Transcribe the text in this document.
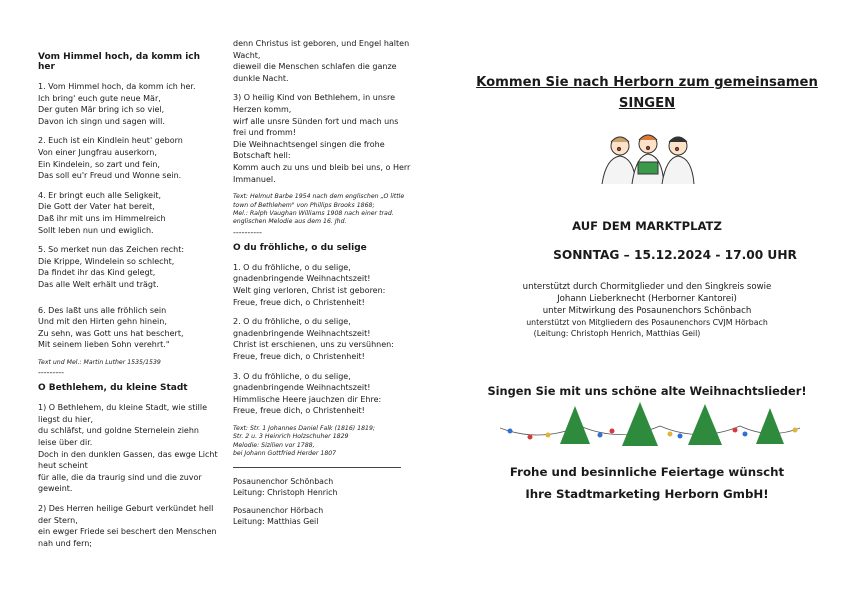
Vom Himmel hoch, da komm ich her
1. Vom Himmel hoch, da komm ich her.
Ich bring' euch gute neue Mär,
Der guten Mär bring ich so viel,
Davon ich singn und sagen will.
2. Euch ist ein Kindlein heut' geborn
Von einer Jungfrau auserkorn,
Ein Kindelein, so zart und fein,
Das soll eu'r Freud und Wonne sein.
4. Er bringt euch alle Seligkeit,
Die Gott der Vater hat bereit,
Daß ihr mit uns im Himmelreich
Sollt leben nun und ewiglich.
5. So merket nun das Zeichen recht:
Die Krippe, Windelein so schlecht,
Da findet ihr das Kind gelegt,
Das alle Welt erhält und trägt.
6. Des laßt uns alle fröhlich sein
Und mit den Hirten gehn hinein,
Zu sehn, was Gott uns hat beschert,
Mit seinem lieben Sohn verehrt."
Text und Mel.: Martin Luther 1535/1539
---------
O Bethlehem, du kleine Stadt
1) O Bethlehem, du kleine Stadt, wie stille liegst du hier,
du schläfst, und goldne Sternelein ziehn leise über dir.
Doch in den dunklen Gassen, das ewge Licht heut scheint
für alle, die da traurig sind und die zuvor geweint.
2) Des Herren heilige Geburt verkündet hell der Stern,
ein ewger Friede sei beschert den Menschen nah und fern;
denn Christus ist geboren, und Engel halten Wacht,
dieweil die Menschen schlafen die ganze dunkle Nacht.
3) O heilig Kind von Bethlehem, in unsre Herzen komm,
wirf alle unsre Sünden fort und mach uns frei und fromm!
Die Weihnachtsengel singen die frohe Botschaft hell:
Komm auch zu uns und bleib bei uns, o Herr Immanuel.
Text: Helmut Barbe 1954 nach dem englischen „O little town of Bethlehem" von Phillips Brooks 1868;
Mel.: Ralph Vaughan Williams 1908 nach einer trad. englischen Melodie aus dem 16. Jhd.
----------
O du fröhliche, o du selige
1. O du fröhliche, o du selige,
gnadenbringende Weihnachtszeit!
Welt ging verloren, Christ ist geboren:
Freue, freue dich, o Christenheit!
2. O du fröhliche, o du selige,
gnadenbringende Weihnachtszeit!
Christ ist erschienen, uns zu versühnen:
Freue, freue dich, o Christenheit!
3. O du fröhliche, o du selige,
gnadenbringende Weihnachtszeit!
Himmlische Heere jauchzen dir Ehre:
Freue, freue dich, o Christenheit!
Text: Str. 1 Johannes Daniel Falk (1816) 1819;
Str. 2 u. 3 Heinrich Holzschuher 1829
Melodie: Sizilien vor 1788,
bei Johann Gottfried Herder 1807
Posaunenchor Schönbach
Leitung: Christoph Henrich
Posaunenchor Hörbach
Leitung: Matthias Geil
Kommen Sie nach Herborn zum gemeinsamen
SINGEN
AUF DEM MARKTPLATZ
SONNTAG – 15.12.2024 - 17.00 UHR
unterstützt durch Chormitglieder und den Singkreis sowie
Johann Lieberknecht (Herborner Kantorei)
unter Mitwirkung des Posaunenchors Schönbach
unterstützt von Mitgliedern des Posaunenchors CVJM Hörbach
(Leitung: Christoph Henrich, Matthias Geil)
Singen Sie mit uns schöne alte Weihnachtslieder!
Frohe und besinnliche Feiertage wünscht
Ihre Stadtmarketing Herborn GmbH!
